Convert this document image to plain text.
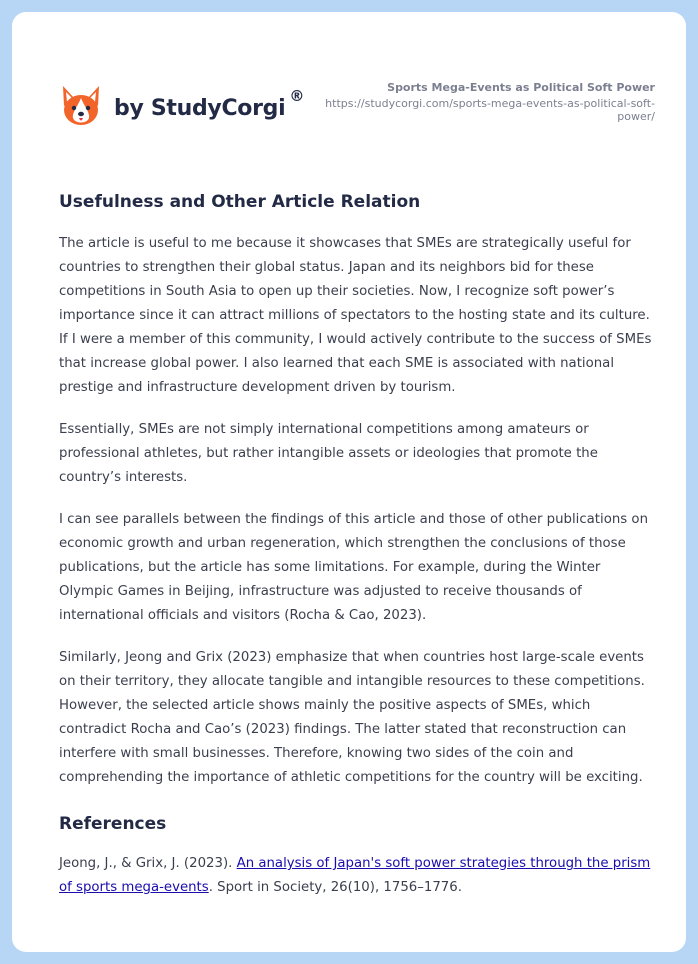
by StudyCorgi ®	Sports Mega-Events as Political Soft Power
https://studycorgi.com/sports-mega-events-as-political-soft-
power/
Usefulness and Other Article Relation

The article is useful to me because it showcases that SMEs are strategically useful for countries to strengthen their global status. Japan and its neighbors bid for these competitions in South Asia to open up their societies. Now, I recognize soft power’s importance since it can attract millions of spectators to the hosting state and its culture. If I were a member of this community, I would actively contribute to the success of SMEs that increase global power. I also learned that each SME is associated with national prestige and infrastructure development driven by tourism.

Essentially, SMEs are not simply international competitions among amateurs or professional athletes, but rather intangible assets or ideologies that promote the country’s interests.

I can see parallels between the findings of this article and those of other publications on economic growth and urban regeneration, which strengthen the conclusions of those publications, but the article has some limitations. For example, during the Winter Olympic Games in Beijing, infrastructure was adjusted to receive thousands of international officials and visitors (Rocha & Cao, 2023).

Similarly, Jeong and Grix (2023) emphasize that when countries host large-scale events on their territory, they allocate tangible and intangible resources to these competitions. However, the selected article shows mainly the positive aspects of SMEs, which contradict Rocha and Cao’s (2023) findings. The latter stated that reconstruction can interfere with small businesses. Therefore, knowing two sides of the coin and comprehending the importance of athletic competitions for the country will be exciting.

References
Jeong, J., & Grix, J. (2023). An analysis of Japan's soft power strategies through the prism of sports mega-events. Sport in Society, 26(10), 1756–1776.
